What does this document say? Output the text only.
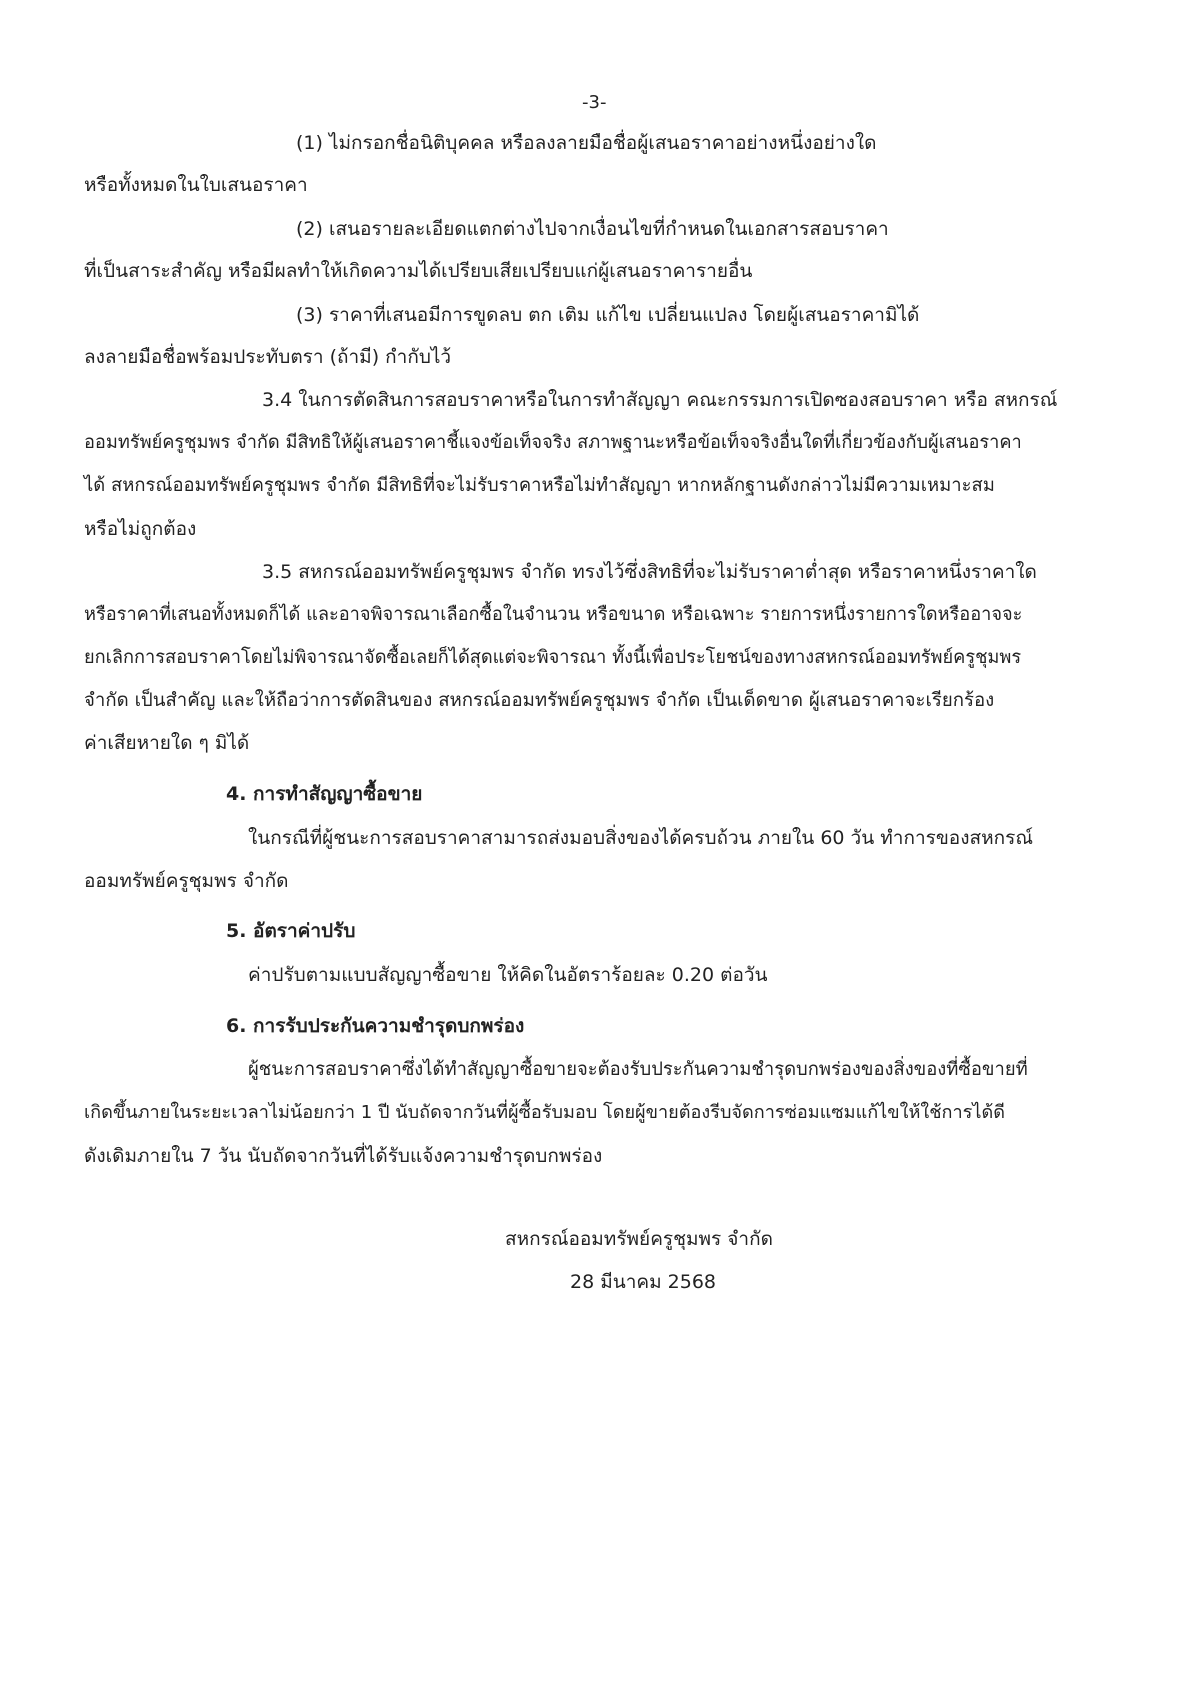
-3-
(1) ไม่กรอกชื่อนิติบุคคล หรือลงลายมือชื่อผู้เสนอราคาอย่างหนึ่งอย่างใด
หรือทั้งหมดในใบเสนอราคา
(2) เสนอรายละเอียดแตกต่างไปจากเงื่อนไขที่กำหนดในเอกสารสอบราคา
ที่เป็นสาระสำคัญ หรือมีผลทำให้เกิดความได้เปรียบเสียเปรียบแก่ผู้เสนอราคารายอื่น
(3) ราคาที่เสนอมีการขูดลบ ตก เติม แก้ไข เปลี่ยนแปลง โดยผู้เสนอราคามิได้
ลงลายมือชื่อพร้อมประทับตรา (ถ้ามี) กำกับไว้
3.4 ในการตัดสินการสอบราคาหรือในการทำสัญญา คณะกรรมการเปิดซองสอบราคา หรือ สหกรณ์
ออมทรัพย์ครูชุมพร จำกัด มีสิทธิให้ผู้เสนอราคาชี้แจงข้อเท็จจริง สภาพฐานะหรือข้อเท็จจริงอื่นใดที่เกี่ยวข้องกับผู้เสนอราคา
ได้ สหกรณ์ออมทรัพย์ครูชุมพร จำกัด มีสิทธิที่จะไม่รับราคาหรือไม่ทำสัญญา หากหลักฐานดังกล่าวไม่มีความเหมาะสม
หรือไม่ถูกต้อง
3.5 สหกรณ์ออมทรัพย์ครูชุมพร จำกัด ทรงไว้ซึ่งสิทธิที่จะไม่รับราคาต่ำสุด หรือราคาหนึ่งราคาใด
หรือราคาที่เสนอทั้งหมดก็ได้ และอาจพิจารณาเลือกซื้อในจำนวน หรือขนาด หรือเฉพาะ รายการหนึ่งรายการใดหรืออาจจะ
ยกเลิกการสอบราคาโดยไม่พิจารณาจัดซื้อเลยก็ได้สุดแต่จะพิจารณา ทั้งนี้เพื่อประโยชน์ของทางสหกรณ์ออมทรัพย์ครูชุมพร
จำกัด เป็นสำคัญ และให้ถือว่าการตัดสินของ สหกรณ์ออมทรัพย์ครูชุมพร จำกัด เป็นเด็ดขาด ผู้เสนอราคาจะเรียกร้อง
ค่าเสียหายใด ๆ มิได้
4. การทำสัญญาซื้อขาย
ในกรณีที่ผู้ชนะการสอบราคาสามารถส่งมอบสิ่งของได้ครบถ้วน ภายใน 60 วัน ทำการของสหกรณ์
ออมทรัพย์ครูชุมพร จำกัด
5. อัตราค่าปรับ
ค่าปรับตามแบบสัญญาซื้อขาย ให้คิดในอัตราร้อยละ 0.20 ต่อวัน
6. การรับประกันความชำรุดบกพร่อง
ผู้ชนะการสอบราคาซึ่งได้ทำสัญญาซื้อขายจะต้องรับประกันความชำรุดบกพร่องของสิ่งของที่ซื้อขายที่
เกิดขึ้นภายในระยะเวลาไม่น้อยกว่า 1 ปี นับถัดจากวันที่ผู้ซื้อรับมอบ โดยผู้ขายต้องรีบจัดการซ่อมแซมแก้ไขให้ใช้การได้ดี
ดังเดิมภายใน 7 วัน นับถัดจากวันที่ได้รับแจ้งความชำรุดบกพร่อง
สหกรณ์ออมทรัพย์ครูชุมพร จำกัด
28 มีนาคม 2568
